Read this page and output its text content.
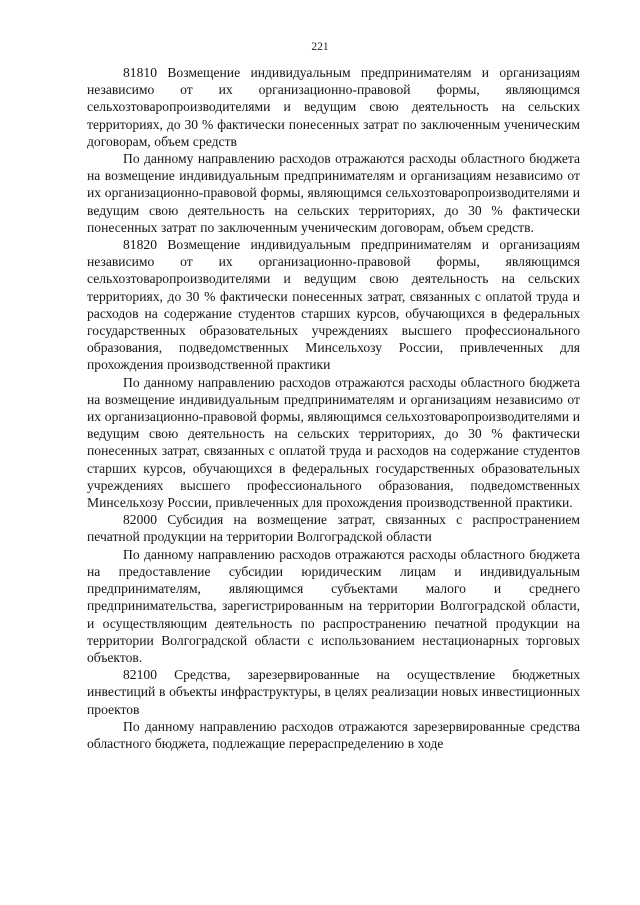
221

81810 Возмещение индивидуальным предпринимателям и организациям независимо от их организационно-правовой формы, являющимся сельхозтоваропроизводителями и ведущим свою деятельность на сельских территориях, до 30 % фактически понесенных затрат по заключенным ученическим договорам, объем средств

По данному направлению расходов отражаются расходы областного бюджета на возмещение индивидуальным предпринимателям и организациям независимо от их организационно-правовой формы, являющимся сельхозтоваропроизводителями и ведущим свою деятельность на сельских территориях, до 30 % фактически понесенных затрат по заключенным ученическим договорам, объем средств.

81820 Возмещение индивидуальным предпринимателям и организациям независимо от их организационно-правовой формы, являющимся сельхозтоваропроизводителями и ведущим свою деятельность на сельских территориях, до 30 % фактически понесенных затрат, связанных с оплатой труда и расходов на содержание студентов старших курсов, обучающихся в федеральных государственных образовательных учреждениях высшего профессионального образования, подведомственных Минсельхозу России, привлеченных для прохождения производственной практики

По данному направлению расходов отражаются расходы областного бюджета на возмещение индивидуальным предпринимателям и организациям независимо от их организационно-правовой формы, являющимся сельхозтоваропроизводителями и ведущим свою деятельность на сельских территориях, до 30 % фактически понесенных затрат, связанных с оплатой труда и расходов на содержание студентов старших курсов, обучающихся в федеральных государственных образовательных учреждениях высшего профессионального образования, подведомственных Минсельхозу России, привлеченных для прохождения производственной практики.

82000 Субсидия на возмещение затрат, связанных с распространением печатной продукции на территории Волгоградской области

По данному направлению расходов отражаются расходы областного бюджета на предоставление субсидии юридическим лицам и индивидуальным предпринимателям, являющимся субъектами малого и среднего предпринимательства, зарегистрированным на территории Волгоградской области, и осуществляющим деятельность по распространению печатной продукции на территории Волгоградской области с использованием нестационарных торговых объектов.

82100 Средства, зарезервированные на осуществление бюджетных инвестиций в объекты инфраструктуры, в целях реализации новых инвестиционных проектов

По данному направлению расходов отражаются зарезервированные средства областного бюджета, подлежащие перераспределению в ходе
